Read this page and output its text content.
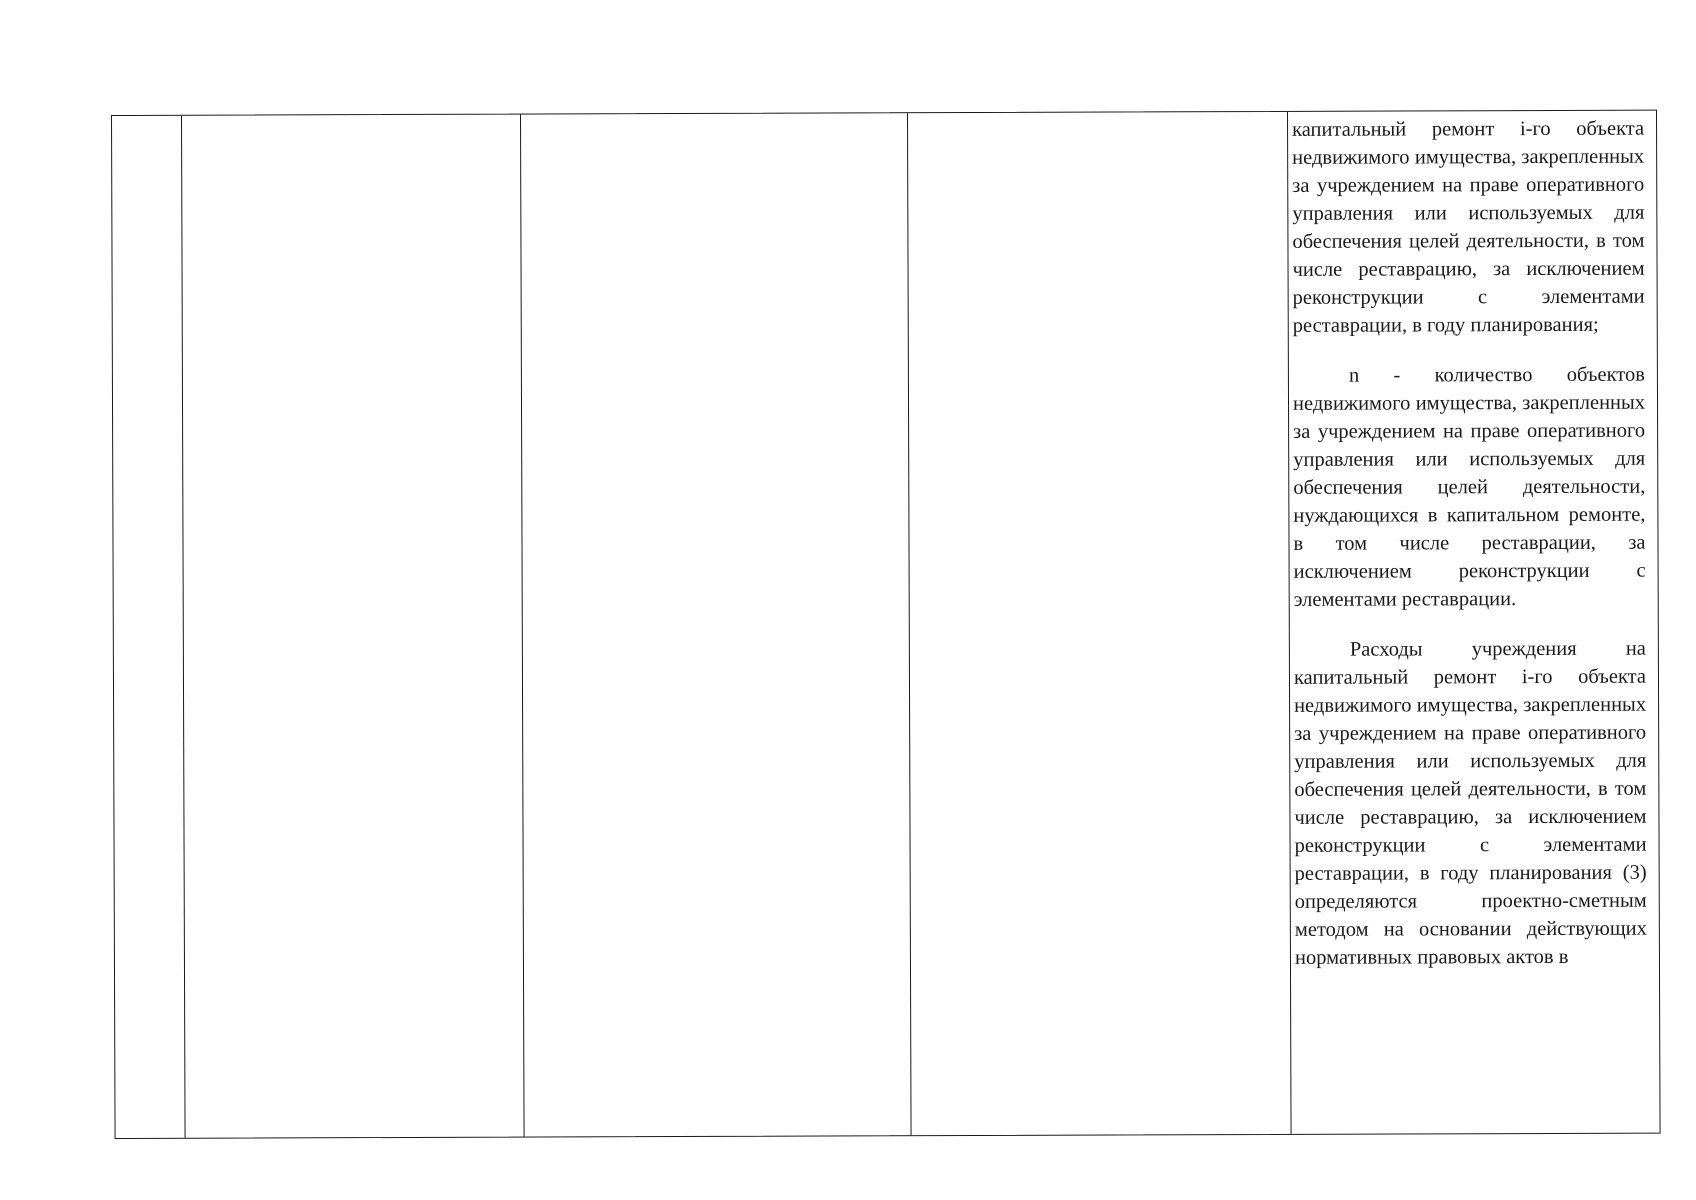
капитальный ремонт i-го объекта недвижимого имущества, закрепленных за учреждением на праве оперативного управления или используемых для обеспечения целей деятельности, в том числе реставрацию, за исключением реконструкции с элементами реставрации, в году планирования;

n - количество объектов недвижимого имущества, закрепленных за учреждением на праве оперативного управления или используемых для обеспечения целей деятельности, нуждающихся в капитальном ремонте, в том числе реставрации, за исключением реконструкции с элементами реставрации.

Расходы учреждения на капитальный ремонт i-го объекта недвижимого имущества, закрепленных за учреждением на праве оперативного управления или используемых для обеспечения целей деятельности, в том числе реставрацию, за исключением реконструкции с элементами реставрации, в году планирования (3) определяются проектно-сметным методом на основании действующих нормативных правовых актов в
